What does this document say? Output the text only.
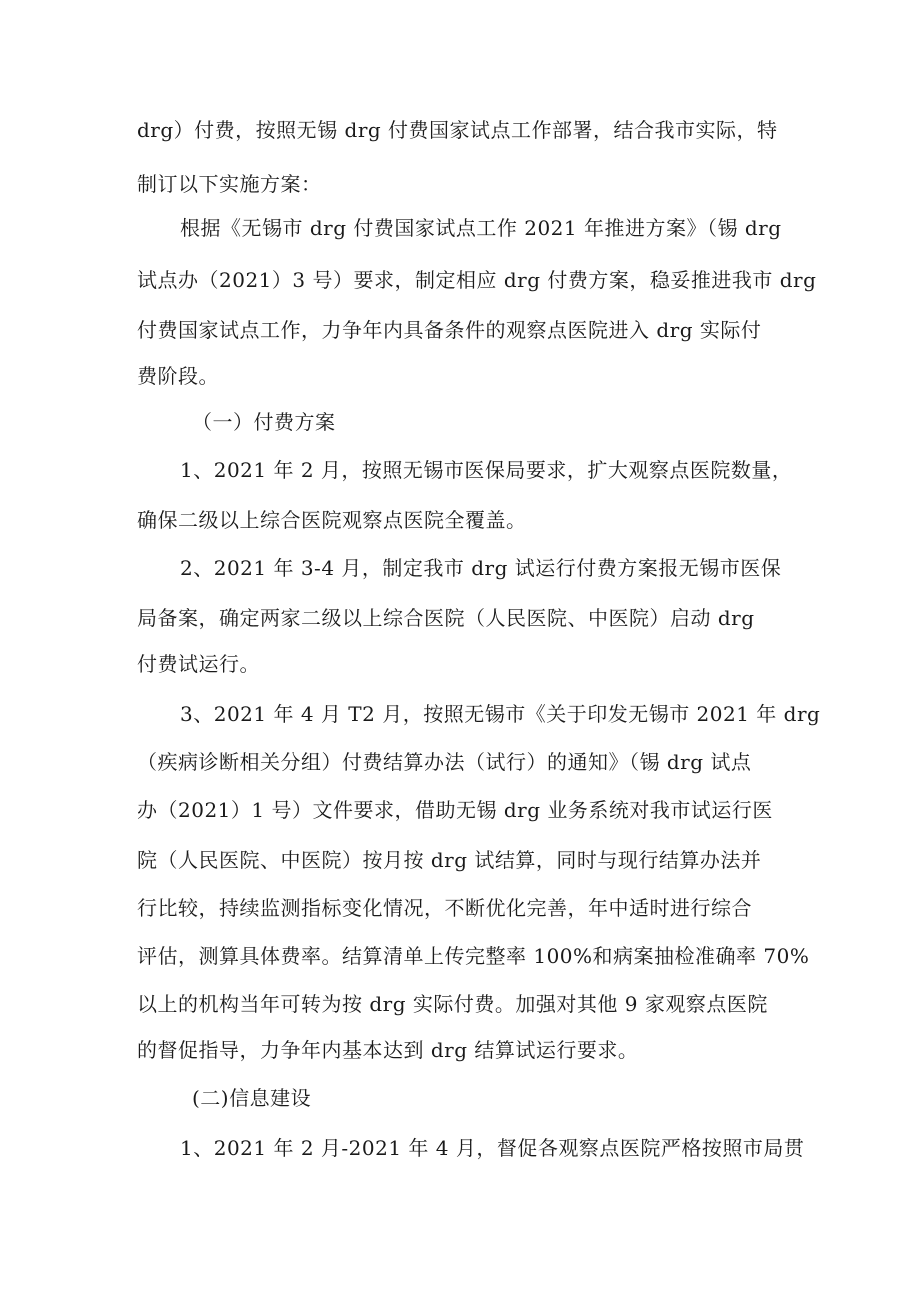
drg）付费，按照无锡 drg 付费国家试点工作部署，结合我市实际，特
制订以下实施方案：
根据《无锡市 drg 付费国家试点工作 2021 年推进方案》（锡 drg
试点办（2021）3 号）要求，制定相应 drg 付费方案，稳妥推进我市 drg
付费国家试点工作，力争年内具备条件的观察点医院进入 drg 实际付
费阶段。
（一）付费方案
1、2021 年 2 月，按照无锡市医保局要求，扩大观察点医院数量，
确保二级以上综合医院观察点医院全覆盖。
2、2021 年 3-4 月，制定我市 drg 试运行付费方案报无锡市医保
局备案，确定两家二级以上综合医院（人民医院、中医院）启动 drg
付费试运行。
3、2021 年 4 月 T2 月，按照无锡市《关于印发无锡市 2021 年 drg
（疾病诊断相关分组）付费结算办法（试行）的通知》（锡 drg 试点
办（2021）1 号）文件要求，借助无锡 drg 业务系统对我市试运行医
院（人民医院、中医院）按月按 drg 试结算，同时与现行结算办法并
行比较，持续监测指标变化情况，不断优化完善，年中适时进行综合
评估，测算具体费率。结算清单上传完整率 100%和病案抽检准确率 70%
以上的机构当年可转为按 drg 实际付费。加强对其他 9 家观察点医院
的督促指导，力争年内基本达到 drg 结算试运行要求。
(二)信息建设
1、2021 年 2 月-2021 年 4 月，督促各观察点医院严格按照市局贯
